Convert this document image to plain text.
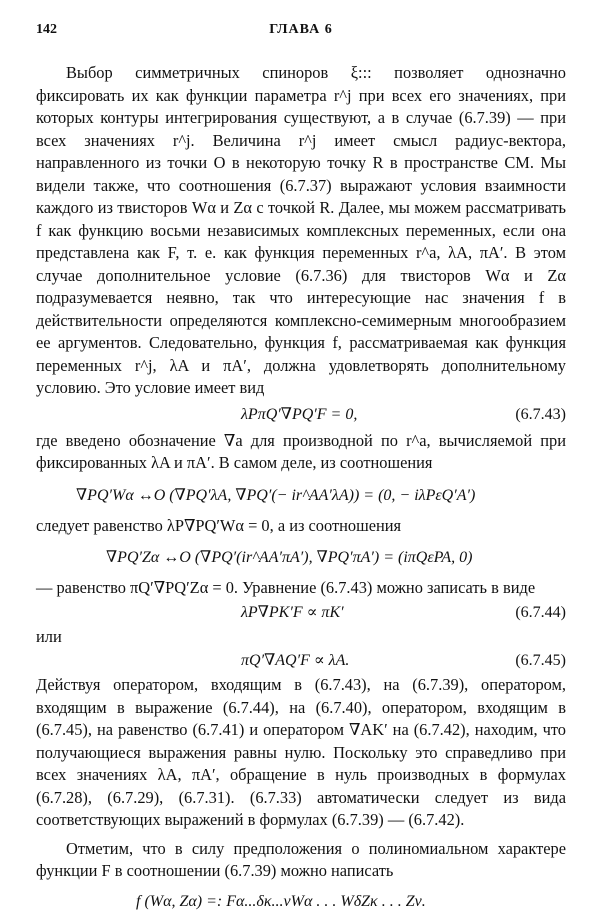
142	ГЛАВА 6

Выбор симметричных спиноров ξ::: позволяет однозначно фиксировать их как функции параметра r^j при всех его значениях, при которых контуры интегрирования существуют, а в случае (6.7.39) — при всех значениях r^j. Величина r^j имеет смысл радиус-вектора, направленного из точки O в некоторую точку R в пространстве CM. Мы видели также, что соотношения (6.7.37) выражают условия взаимности каждого из твисторов Wα и Zα с точкой R. Далее, мы можем рассматривать f как функцию восьми независимых комплексных переменных, если она представлена как F, т. е. как функция переменных r^a, λA, πA′. В этом случае дополнительное условие (6.7.36) для твисторов Wα и Zα подразумевается неявно, так что интересующие нас значения f в действительности определяются комплексно-семимерным многообразием ее аргументов. Следовательно, функция f, рассматриваемая как функция переменных r^j, λA и πA′, должна удовлетворять дополнительному условию. Это условие имеет вид

λPπQ′∇PQ′F = 0,	(6.7.43)

где введено обозначение ∇a для производной по r^a, вычисляемой при фиксированных λA и πA′. В самом деле, из соотношения

∇PQ′Wα ↔O (∇PQ′λA, ∇PQ′(− ir^AA′λA)) = (0, − iλPεQ′A′)

следует равенство λP∇PQ′Wα = 0, а из соотношения

∇PQ′Zα ↔O (∇PQ′(ir^AA′πA′), ∇PQ′πA′) = (iπQεPA, 0)

— равенство πQ′∇PQ′Zα = 0. Уравнение (6.7.43) можно записать в виде

λP∇PK′F ∝ πK′	(6.7.44)

или

πQ′∇AQ′F ∝ λA.	(6.7.45)

Действуя оператором, входящим в (6.7.43), на (6.7.39), оператором, входящим в выражение (6.7.44), на (6.7.40), оператором, входящим в (6.7.45), на равенство (6.7.41) и оператором ∇AK′ на (6.7.42), находим, что получающиеся выражения равны нулю. Поскольку это справедливо при всех значениях λA, πA′, обращение в нуль производных в формулах (6.7.28), (6.7.29), (6.7.31). (6.7.33) автоматически следует из вида соответствующих выражений в формулах (6.7.39) — (6.7.42).

Отметим, что в силу предположения о полиномиальном характере функции F в соотношении (6.7.39) можно написать

f (Wα, Zα) =: Fα...δκ...νWα . . . WδZκ . . . Zν.
